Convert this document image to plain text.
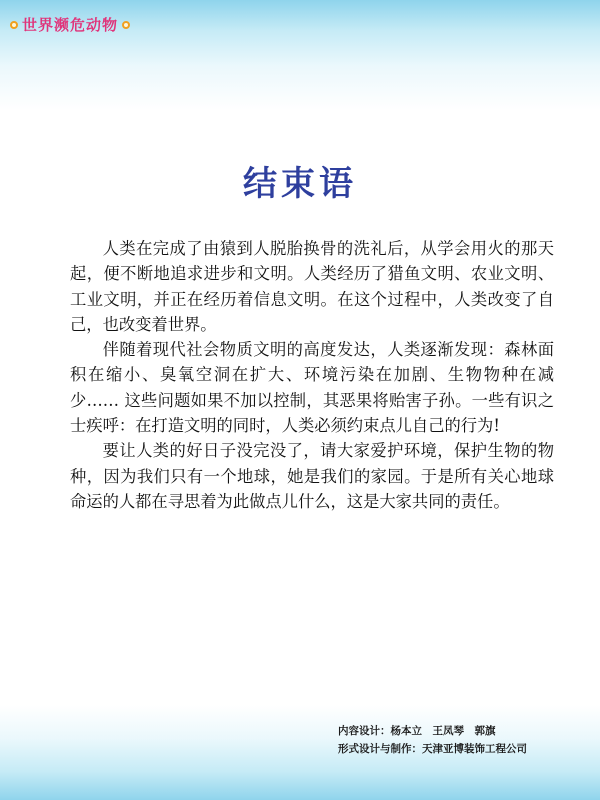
世界濒危动物
结束语

人类在完成了由猿到人脱胎换骨的洗礼后，从学会用火的那天起，便不断地追求进步和文明。人类经历了猎鱼文明、农业文明、工业文明，并正在经历着信息文明。在这个过程中，人类改变了自己，也改变着世界。

伴随着现代社会物质文明的高度发达，人类逐渐发现：森林面积在缩小、臭氧空洞在扩大、环境污染在加剧、生物物种在减少…… 这些问题如果不加以控制，其恶果将贻害子孙。一些有识之士疾呼：在打造文明的同时，人类必须约束点儿自己的行为!

要让人类的好日子没完没了，请大家爱护环境，保护生物的物种，因为我们只有一个地球，她是我们的家园。于是所有关心地球命运的人都在寻思着为此做点儿什么，这是大家共同的责任。

内容设计：杨本立　王凤琴　郭旗
形式设计与制作：天津亚博装饰工程公司
